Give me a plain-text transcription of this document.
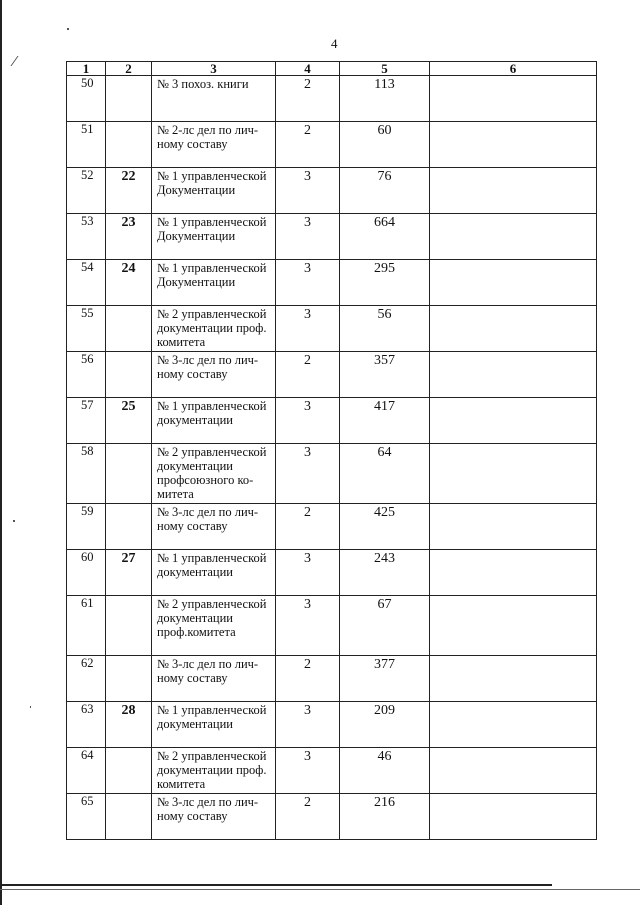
4
1	2	3	4	5	6
50		№ 3 похоз. книги	2	113	
51		№ 2-лс дел по лич- ному составу	2	60	
52	22	№ 1 управленческой Документации	3	76	
53	23	№ 1 управленческой Документации	3	664	
54	24	№ 1 управленческой Документации	3	295	
55		№ 2 управленческой документации проф. комитета	3	56	
56		№ 3-лс дел по лич- ному составу	2	357	
57	25	№ 1 управленческой документации	3	417	
58		№ 2 управленческой документации профсоюзного ко- митета	3	64	
59		№ 3-лс дел по лич- ному составу	2	425	
60	27	№ 1 управленческой документации	3	243	
61		№ 2 управленческой документации проф.комитета	3	67	
62		№ 3-лс дел по лич- ному составу	2	377	
63	28	№ 1 управленческой документации	3	209	
64		№ 2 управленческой документации проф. комитета	3	46	
65		№ 3-лс дел по лич- ному составу	2	216	
